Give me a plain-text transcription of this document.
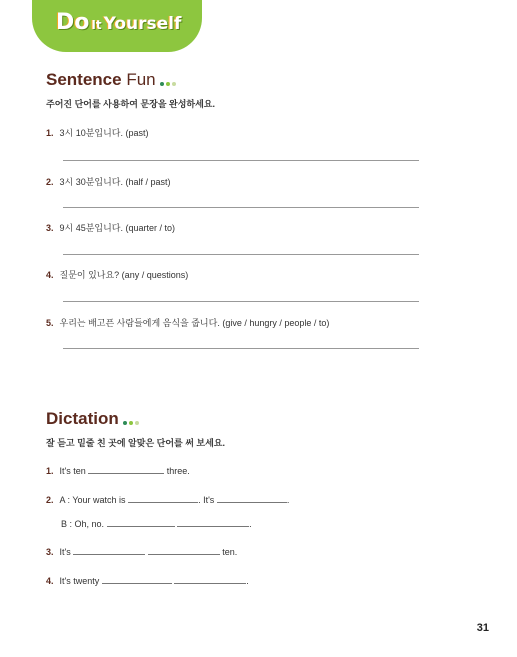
Do It Yourself
Sentence Fun
주어진 단어를 사용하여 문장을 완성하세요.
1. 3시 10분입니다. (past)
2. 3시 30분입니다. (half / past)
3. 9시 45분입니다. (quarter / to)
4. 질문이 있나요? (any / questions)
5. 우리는 배고픈 사람들에게 음식을 줍니다. (give / hungry / people / to)
Dictation
잘 듣고 밑줄 친 곳에 알맞은 단어를 써 보세요.
1. It's ten	three.
2. A : Your watch is	. It's	.
B : Oh, no.	.
3. It's	ten.
4. It's twenty	.
31
